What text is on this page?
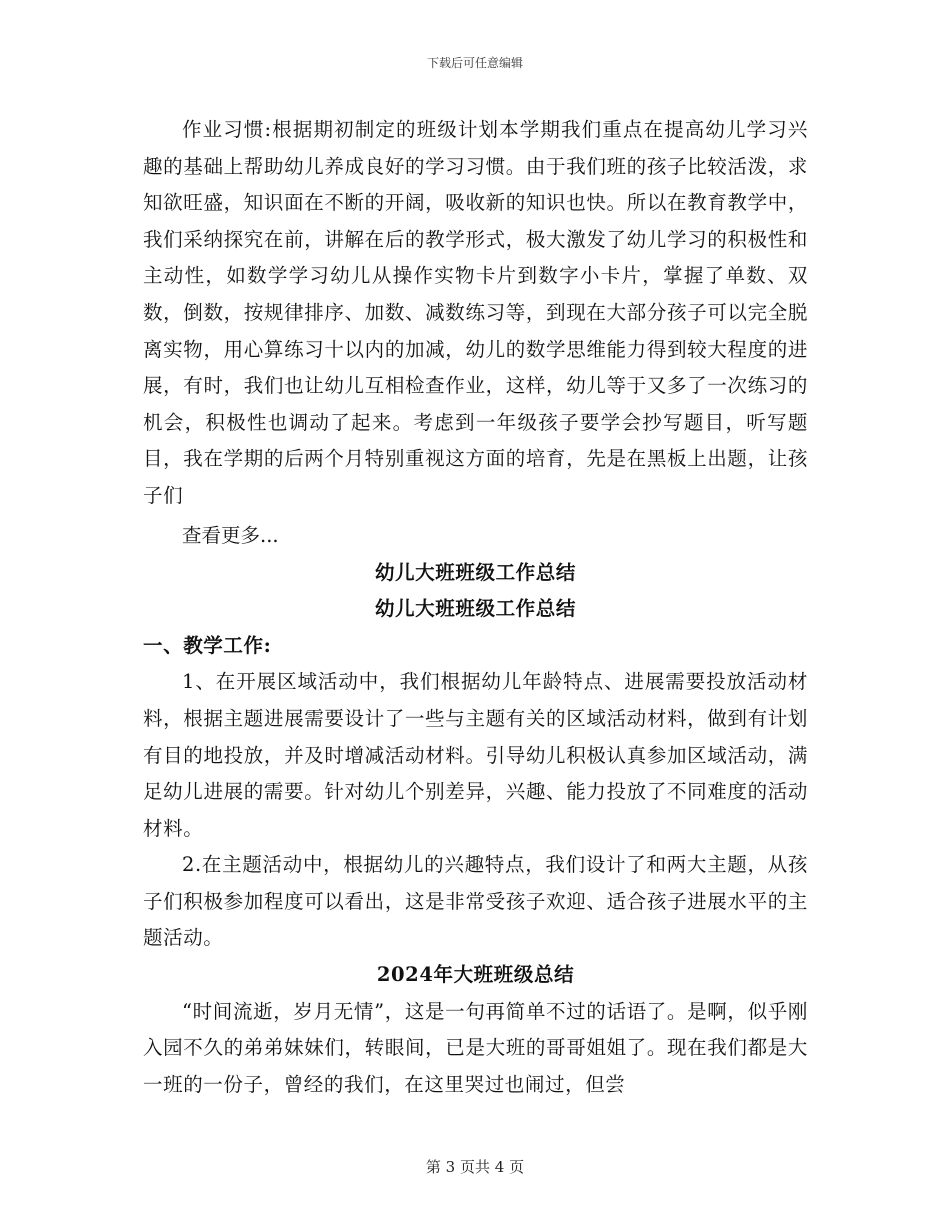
下载后可任意编辑

作业习惯:根据期初制定的班级计划本学期我们重点在提高幼儿学习兴趣的基础上帮助幼儿养成良好的学习习惯。由于我们班的孩子比较活泼，求知欲旺盛，知识面在不断的开阔，吸收新的知识也快。所以在教育教学中，我们采纳探究在前，讲解在后的教学形式，极大激发了幼儿学习的积极性和主动性，如数学学习幼儿从操作实物卡片到数字小卡片，掌握了单数、双数，倒数，按规律排序、加数、减数练习等，到现在大部分孩子可以完全脱离实物，用心算练习十以内的加减，幼儿的数学思维能力得到较大程度的进展，有时，我们也让幼儿互相检查作业，这样，幼儿等于又多了一次练习的机会，积极性也调动了起来。考虑到一年级孩子要学会抄写题目，听写题目，我在学期的后两个月特别重视这方面的培育，先是在黑板上出题，让孩子们

查看更多...

幼儿大班班级工作总结

幼儿大班班级工作总结

一、教学工作:

1、在开展区域活动中，我们根据幼儿年龄特点、进展需要投放活动材料，根据主题进展需要设计了一些与主题有关的区域活动材料，做到有计划有目的地投放，并及时增减活动材料。引导幼儿积极认真参加区域活动，满足幼儿进展的需要。针对幼儿个别差异，兴趣、能力投放了不同难度的活动材料。

2.在主题活动中，根据幼儿的兴趣特点，我们设计了和两大主题，从孩子们积极参加程度可以看出，这是非常受孩子欢迎、适合孩子进展水平的主题活动。

2024年大班班级总结

“时间流逝，岁月无情”，这是一句再简单不过的话语了。是啊，似乎刚入园不久的弟弟妹妹们，转眼间，已是大班的哥哥姐姐了。现在我们都是大一班的一份子，曾经的我们，在这里哭过也闹过，但尝

第 3 页共 4 页
